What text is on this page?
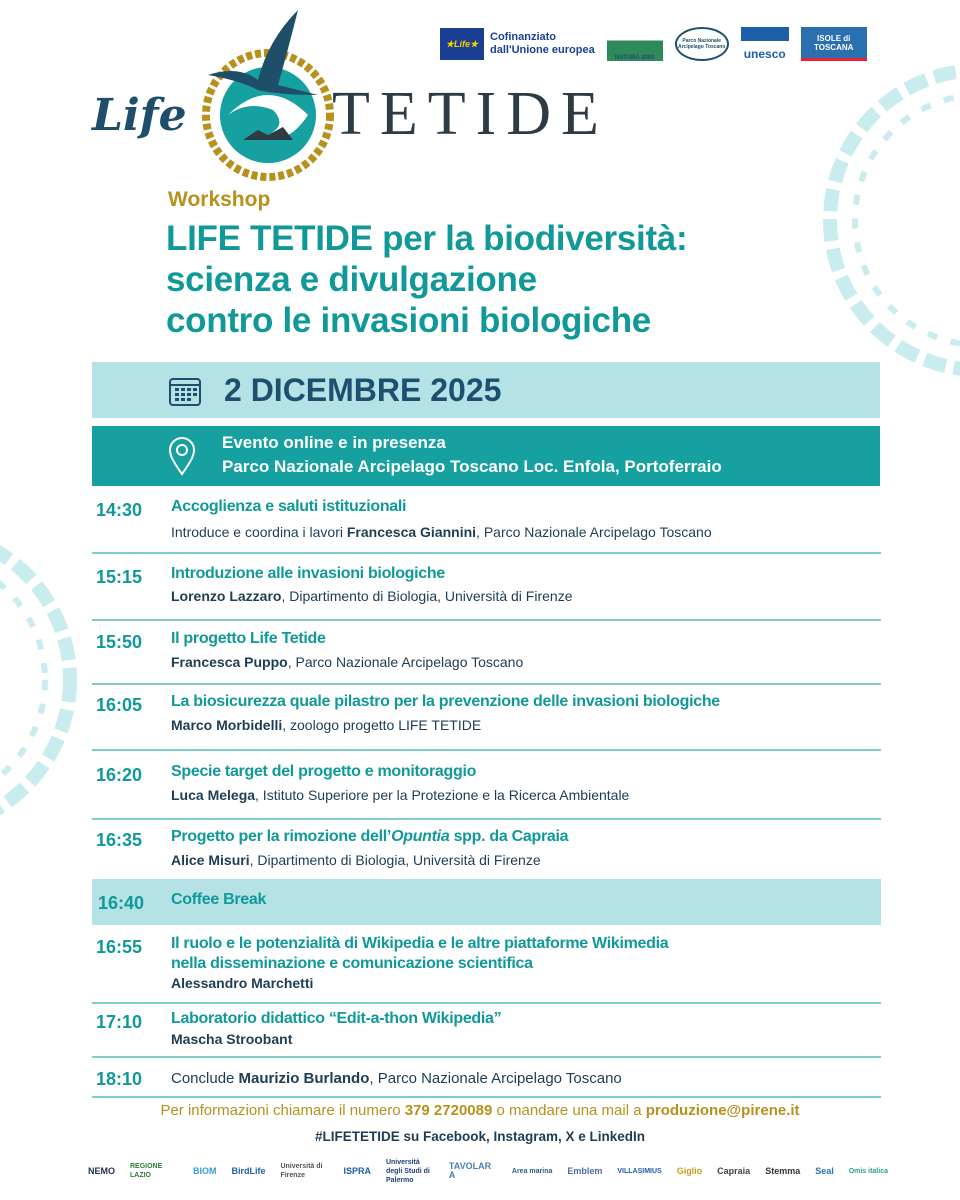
Life TETIDE
★Life★
Cofinanziato
dall'Unione europea
NATURA 2000
Parco Nazionale Arcipelago Toscano unesco
ISOLE di TOSCANA
Workshop
LIFE TETIDE per la biodiversità:
scienza e divulgazione
contro le invasioni biologiche
2 DICEMBRE 2025
Evento online e in presenza
Parco Nazionale Arcipelago Toscano Loc. Enfola, Portoferraio
14:30 Accoglienza e saluti istituzionali
Introduce e coordina i lavori Francesca Giannini, Parco Nazionale Arcipelago Toscano
15:15 Introduzione alle invasioni biologiche
Lorenzo Lazzaro, Dipartimento di Biologia, Università di Firenze
15:50 Il progetto Life Tetide
Francesca Puppo, Parco Nazionale Arcipelago Toscano
16:05 La biosicurezza quale pilastro per la prevenzione delle invasioni biologiche
Marco Morbidelli, zoologo progetto LIFE TETIDE
16:20 Specie target del progetto e monitoraggio
Luca Melega, Istituto Superiore per la Protezione e la Ricerca Ambientale
16:35 Progetto per la rimozione dell’Opuntia spp. da Capraia
Alice Misuri, Dipartimento di Biologia, Università di Firenze
16:40 Coffee Break
16:55 Il ruolo e le potenzialità di Wikipedia e le altre piattaforme Wikimedia
nella disseminazione e comunicazione scientifica
Alessandro Marchetti
17:10 Laboratorio didattico “Edit-a-thon Wikipedia”
Mascha Stroobant
18:10 Conclude Maurizio Burlando, Parco Nazionale Arcipelago Toscano
Per informazioni chiamare il numero 379 2720089 o mandare una mail a produzione@pirene.it
#LIFETETIDE su Facebook, Instagram, X e LinkedIn
NEMO REGIONE LAZIO	BIOM BirdLife Università di Firenze	ISPRA
Università degli Studi di Palermo
TAVOLARA	Area marina Emblem VILLASIMIUS Giglio Capraia Stemma Seal Omis italica
